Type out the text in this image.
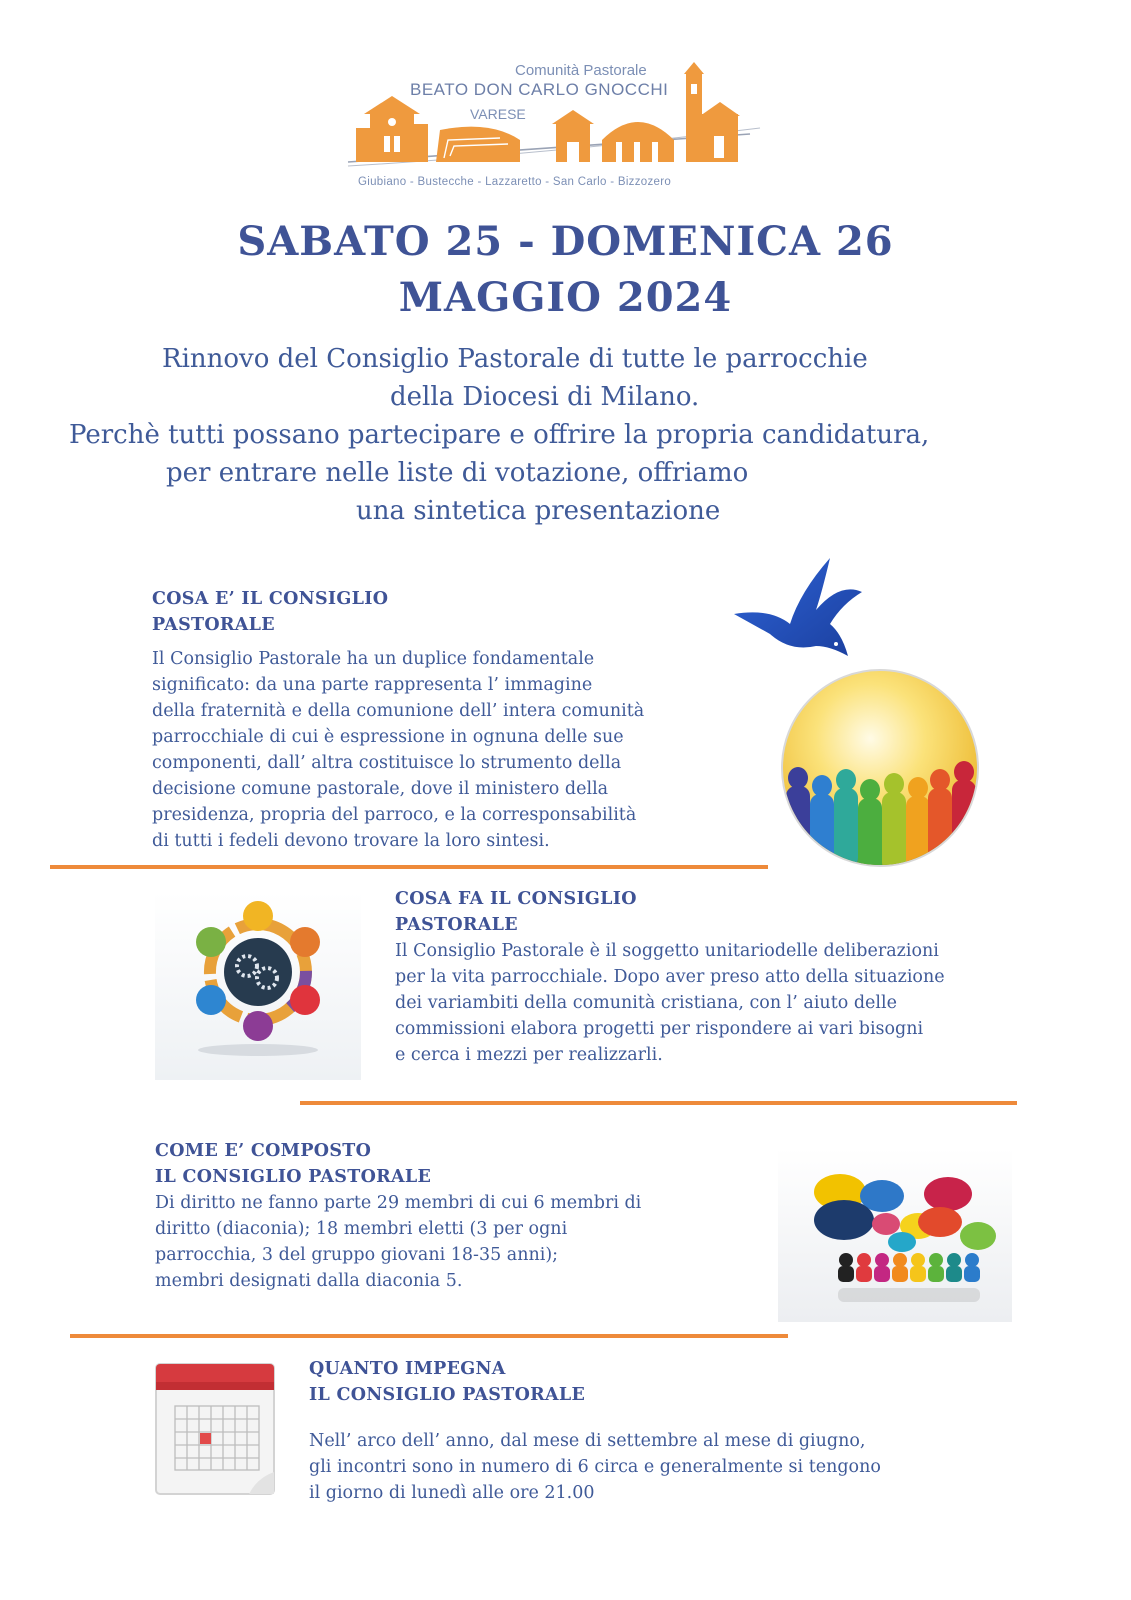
Comunità Pastorale
BEATO DON CARLO GNOCCHI
VARESE
Giubiano - Bustecche - Lazzaretto - San Carlo - Bizzozero
SABATO 25 - DOMENICA 26
MAGGIO 2024
Rinnovo del Consiglio Pastorale di tutte le parrocchie
della Diocesi di Milano.
Perchè tutti possano partecipare e offrire la propria candidatura,
per entrare nelle liste di votazione, offriamo
una sintetica presentazione
COSA E’ IL CONSIGLIO
PASTORALE
Il Consiglio Pastorale ha un duplice fondamentale
significato: da una parte rappresenta l’ immagine
della fraternità e della comunione dell’ intera comunità
parrocchiale di cui è espressione in ognuna delle sue
componenti, dall’ altra costituisce lo strumento della
decisione comune pastorale, dove il ministero della
presidenza, propria del parroco, e la corresponsabilità
di tutti i fedeli devono trovare la loro sintesi.
COSA FA IL CONSIGLIO
PASTORALE
Il Consiglio Pastorale è il soggetto unitariodelle deliberazioni
per la vita parrocchiale. Dopo aver preso atto della situazione
dei variambiti della comunità cristiana, con l’ aiuto delle
commissioni elabora progetti per rispondere ai vari bisogni
e cerca i mezzi per realizzarli.
COME E’ COMPOSTO
IL CONSIGLIO PASTORALE
Di diritto ne fanno parte 29 membri di cui 6 membri di
diritto (diaconia); 18 membri eletti (3 per ogni
parrocchia, 3 del gruppo giovani 18-35 anni);
membri designati dalla diaconia 5.
QUANTO IMPEGNA
IL CONSIGLIO PASTORALE
Nell’ arco dell’ anno, dal mese di settembre al mese di giugno,
gli incontri sono in numero di 6 circa e generalmente si tengono
il giorno di lunedì alle ore 21.00
